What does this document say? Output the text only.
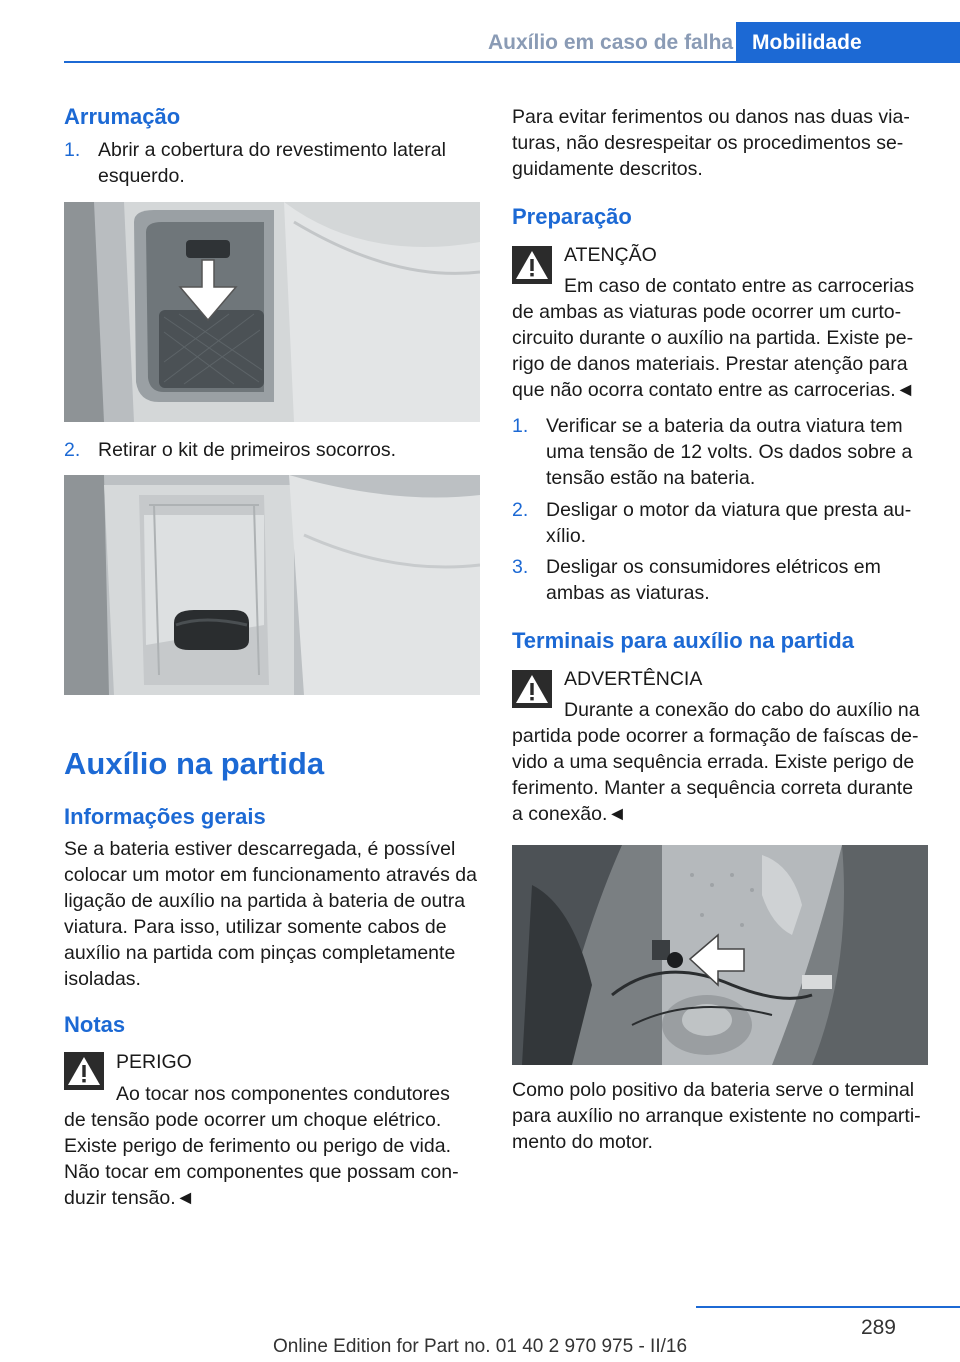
Auxílio em caso de falha Mobilidade
Arrumação
1. Abrir a cobertura do revestimento lateral esquerdo.
2. Retirar o kit de primeiros socorros.
Auxílio na partida
Informações gerais
Se a bateria estiver descarregada, é possível colocar um motor em funcionamento através da ligação de auxílio na partida à bateria de outra viatura. Para isso, utilizar somente cabos de auxílio na partida com pinças completamente isoladas.
Notas
PERIGO
Ao tocar nos componentes condutores
de tensão pode ocorrer um choque elétrico. Existe perigo de ferimento ou perigo de vida. Não tocar em componentes que possam conduzir tensão.◄
Para evitar ferimentos ou danos nas duas viaturas, não desrespeitar os procedimentos seguidamente descritos.
Preparação
ATENÇÃO
Em caso de contato entre as carrocerias
de ambas as viaturas pode ocorrer um curto-circuito durante o auxílio na partida. Existe perigo de danos materiais. Prestar atenção para que não ocorra contato entre as carrocerias.◄
1. Verificar se a bateria da outra viatura tem uma tensão de 12 volts. Os dados sobre a tensão estão na bateria.
2. Desligar o motor da viatura que presta auxílio.
3. Desligar os consumidores elétricos em ambas as viaturas.
Terminais para auxílio na partida
ADVERTÊNCIA
Durante a conexão do cabo do auxílio na
partida pode ocorrer a formação de faíscas devido a uma sequência errada. Existe perigo de ferimento. Manter a sequência correta durante a conexão.◄
Como polo positivo da bateria serve o terminal para auxílio no arranque existente no compartimento do motor.
289
Online Edition for Part no. 01 40 2 970 975 - II/16
